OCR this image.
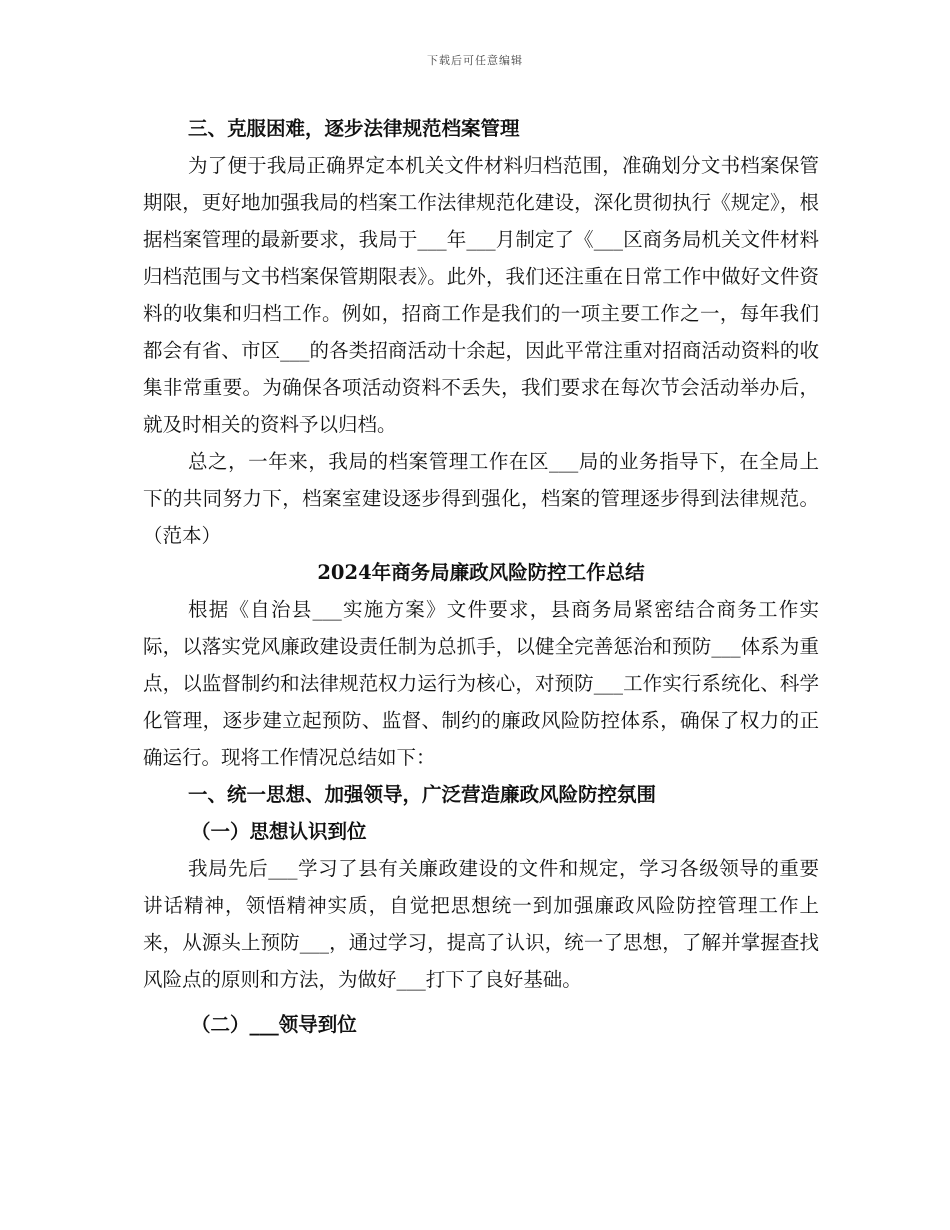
下载后可任意编辑

三、克服困难，逐步法律规范档案管理

为了便于我局正确界定本机关文件材料归档范围，准确划分文书档案保管期限，更好地加强我局的档案工作法律规范化建设，深化贯彻执行《规定》，根据档案管理的最新要求，我局于___年___月制定了《___区商务局机关文件材料归档范围与文书档案保管期限表》。此外，我们还注重在日常工作中做好文件资料的收集和归档工作。例如，招商工作是我们的一项主要工作之一，每年我们都会有省、市区___的各类招商活动十余起，因此平常注重对招商活动资料的收集非常重要。为确保各项活动资料不丢失，我们要求在每次节会活动举办后，就及时相关的资料予以归档。

总之，一年来，我局的档案管理工作在区___局的业务指导下，在全局上下的共同努力下，档案室建设逐步得到强化，档案的管理逐步得到法律规范。（范本）

2024年商务局廉政风险防控工作总结

根据《自治县___实施方案》文件要求，县商务局紧密结合商务工作实际，以落实党风廉政建设责任制为总抓手，以健全完善惩治和预防___体系为重点，以监督制约和法律规范权力运行为核心，对预防___工作实行系统化、科学化管理，逐步建立起预防、监督、制约的廉政风险防控体系，确保了权力的正确运行。现将工作情况总结如下：

一、统一思想、加强领导，广泛营造廉政风险防控氛围

（一）思想认识到位

我局先后___学习了县有关廉政建设的文件和规定，学习各级领导的重要讲话精神，领悟精神实质，自觉把思想统一到加强廉政风险防控管理工作上来，从源头上预防___，通过学习，提高了认识，统一了思想，了解并掌握查找风险点的原则和方法，为做好___打下了良好基础。

（二）___领导到位
